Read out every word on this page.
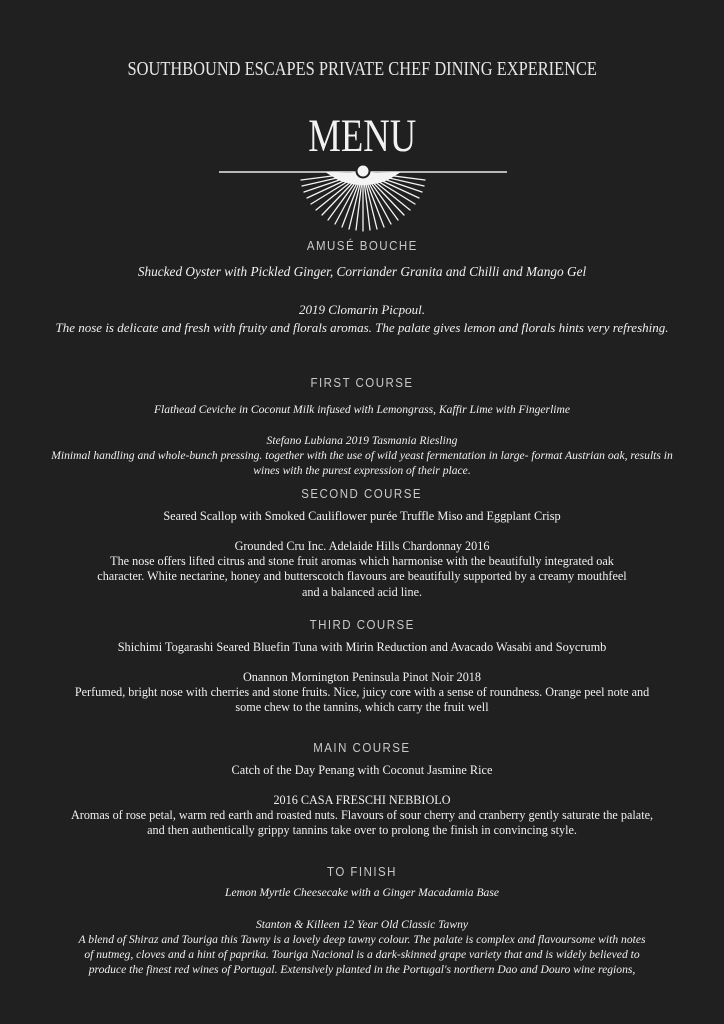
SOUTHBOUND ESCAPES PRIVATE CHEF DINING EXPERIENCE
MENU
AMUSÉ BOUCHE
Shucked Oyster with Pickled Ginger, Corriander Granita and Chilli and Mango Gel
2019 Clomarin Picpoul.
The nose is delicate and fresh with fruity and florals aromas. The palate gives lemon and florals hints very refreshing.
FIRST COURSE
Flathead Ceviche in Coconut Milk infused with Lemongrass, Kaffir Lime with Fingerlime
Stefano Lubiana 2019 Tasmania Riesling
Minimal handling and whole-bunch pressing. together with the use of wild yeast fermentation in large- format Austrian oak, results in wines with the purest expression of their place.
SECOND COURSE
Seared Scallop with Smoked Cauliflower purée Truffle Miso and Eggplant Crisp
Grounded Cru Inc. Adelaide Hills Chardonnay 2016
The nose offers lifted citrus and stone fruit aromas which harmonise with the beautifully integrated oak character. White nectarine, honey and butterscotch flavours are beautifully supported by a creamy mouthfeel and a balanced acid line.
THIRD COURSE
Shichimi Togarashi Seared Bluefin Tuna with Mirin Reduction and Avacado Wasabi and Soycrumb
Onannon Mornington Peninsula Pinot Noir 2018
Perfumed, bright nose with cherries and stone fruits. Nice, juicy core with a sense of roundness. Orange peel note and some chew to the tannins, which carry the fruit well
MAIN COURSE
Catch of the Day Penang with Coconut Jasmine Rice
2016 CASA FRESCHI NEBBIOLO
Aromas of rose petal, warm red earth and roasted nuts. Flavours of sour cherry and cranberry gently saturate the palate, and then authentically grippy tannins take over to prolong the finish in convincing style.
TO FINISH
Lemon Myrtle Cheesecake with a Ginger Macadamia Base
Stanton & Killeen 12 Year Old Classic Tawny
A blend of Shiraz and Touriga this Tawny is a lovely deep tawny colour. The palate is complex and flavoursome with notes of nutmeg, cloves and a hint of paprika. Touriga Nacional is a dark-skinned grape variety that and is widely believed to produce the finest red wines of Portugal. Extensively planted in the Portugal's northern Dao and Douro wine regions,
